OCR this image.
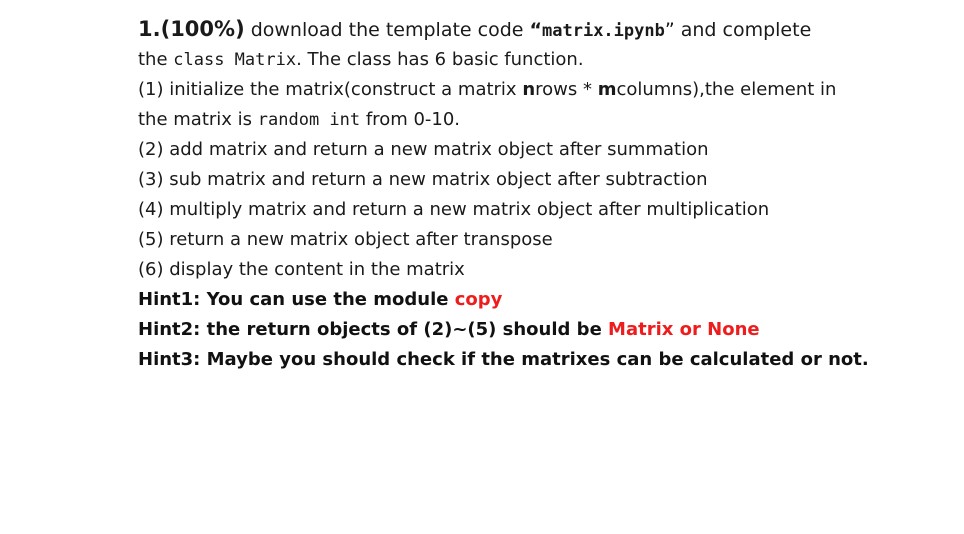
1.(100%) download the template code “matrix.ipynb” and complete
the class Matrix. The class has 6 basic function.
(1) initialize the matrix(construct a matrix nrows * mcolumns),the element in
the matrix is random int from 0-10.
(2) add matrix and return a new matrix object after summation
(3) sub matrix and return a new matrix object after subtraction
(4) multiply matrix and return a new matrix object after multiplication
(5) return a new matrix object after transpose
(6) display the content in the matrix
Hint1: You can use the module copy
Hint2: the return objects of (2)~(5) should be Matrix or None
Hint3: Maybe you should check if the matrixes can be calculated or not.
